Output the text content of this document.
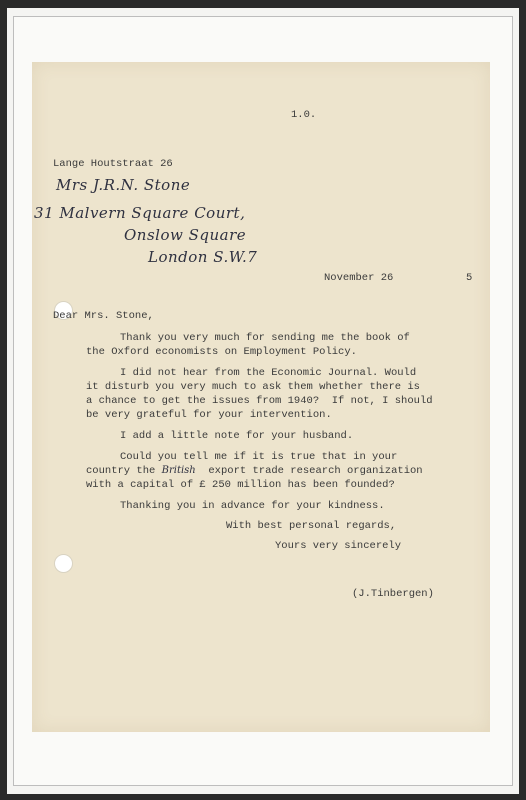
1.0.
Lange Houtstraat 26
Mrs J.R.N. Stone
31 Malvern Square Court,
Onslow Square
London S.W.7
November 26	5
Dear Mrs. Stone,
Thank you very much for sending me the book of
the Oxford economists on Employment Policy.
I did not hear from the Economic Journal. Would
it disturb you very much to ask them whether there is
a chance to get the issues from 1940?  If not, I should
be very grateful for your intervention.
I add a little note for your husband.
Could you tell me if it is true that in your
country the British export trade research organization
with a capital of £ 250 million has been founded?
Thanking you in advance for your kindness.
With best personal regards,
Yours very sincerely
(J.Tinbergen)
